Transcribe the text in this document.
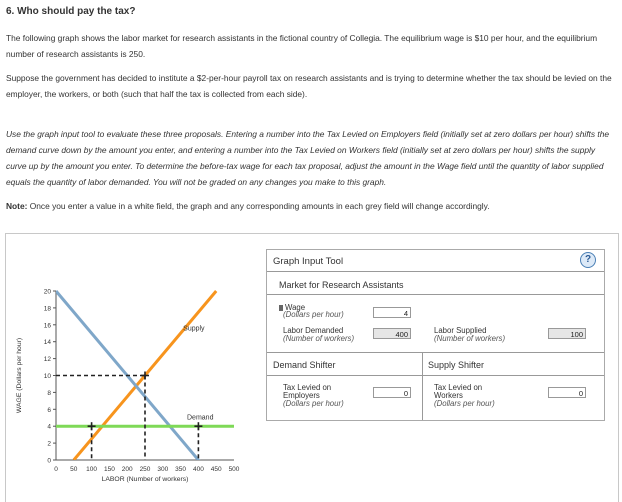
6. Who should pay the tax?
The following graph shows the labor market for research assistants in the fictional country of Collegia. The equilibrium wage is $10 per hour, and the equilibrium number of research assistants is 250.
Suppose the government has decided to institute a $2-per-hour payroll tax on research assistants and is trying to determine whether the tax should be levied on the employer, the workers, or both (such that half the tax is collected from each side).
Use the graph input tool to evaluate these three proposals. Entering a number into the Tax Levied on Employers field (initially set at zero dollars per hour) shifts the demand curve down by the amount you enter, and entering a number into the Tax Levied on Workers field (initially set at zero dollars per hour) shifts the supply curve up by the amount you enter. To determine the before-tax wage for each tax proposal, adjust the amount in the Wage field until the quantity of labor supplied equals the quantity of labor demanded. You will not be graded on any changes you make to this graph.
Note: Once you enter a value in a white field, the graph and any corresponding amounts in each grey field will change accordingly.
0
2
4
6
8
10
12
14
16
18
20
0 50 100 150 200 250 300 350 400 450 500
LABOR (Number of workers)
WAGE (Dollars per hour)
Supply
Demand
Graph Input Tool	?
Market for Research Assistants
Wage
(Dollars per hour)	4
Labor Demanded
(Number of workers)	400	Labor Supplied
(Number of workers)	100
Demand Shifter	Supply Shifter
Tax Levied on
Employers
(Dollars per hour)
0
Tax Levied on
Workers
(Dollars per hour)
0
